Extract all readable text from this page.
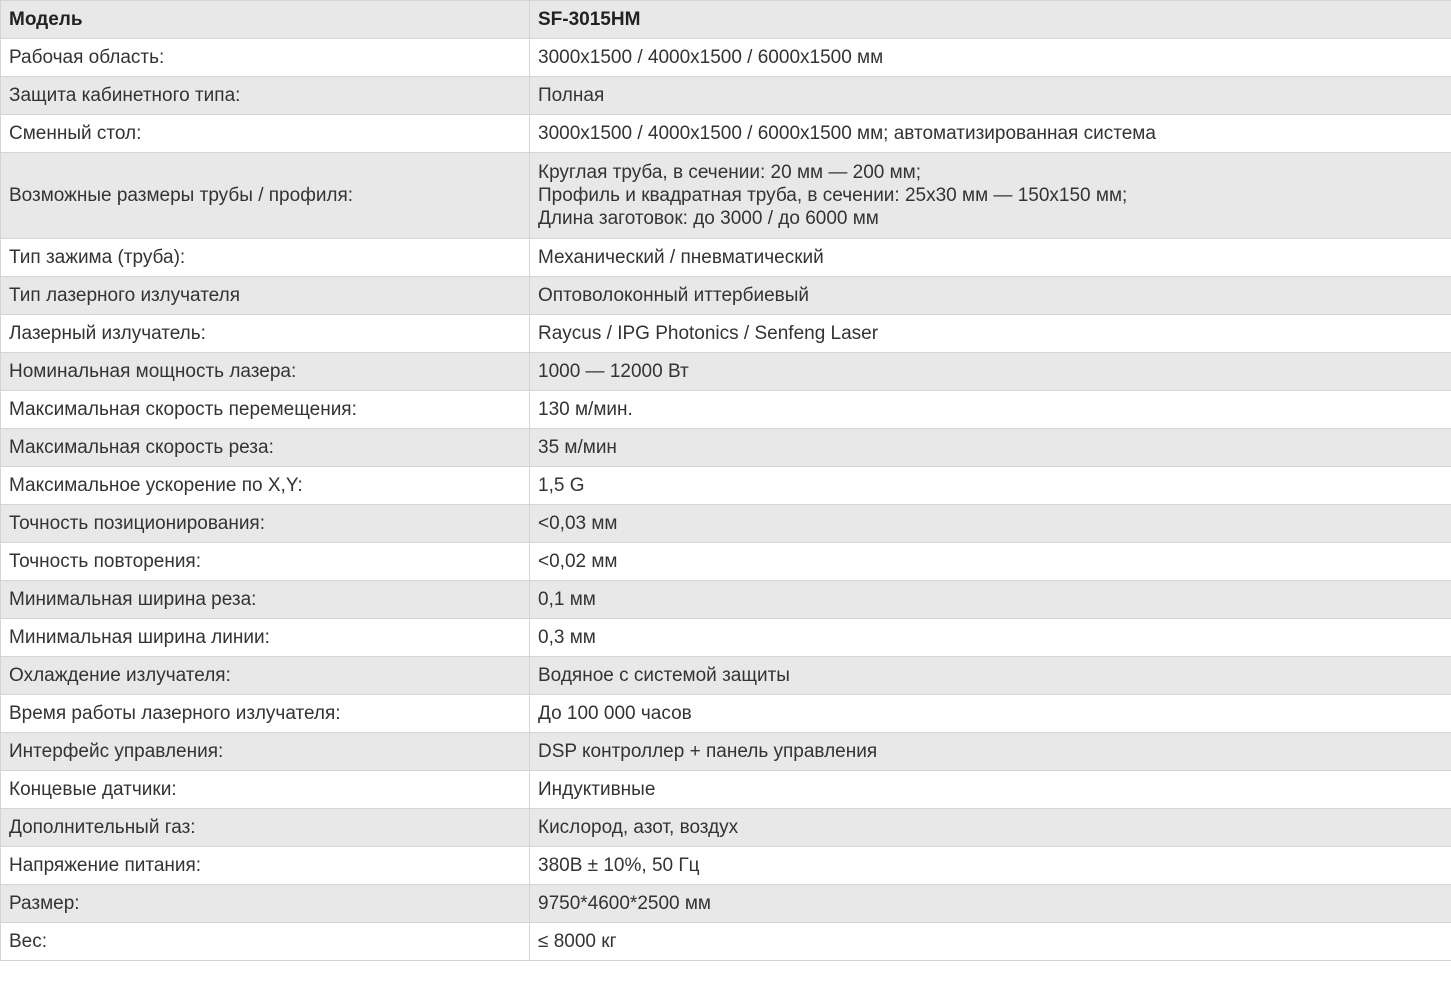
Модель	SF-3015HM
Рабочая область:	3000x1500 / 4000x1500 / 6000x1500 мм
Защита кабинетного типа:	Полная
Сменный стол:	3000x1500 / 4000x1500 / 6000x1500 мм; автоматизированная система
Возможные размеры трубы / профиля:	Круглая труба, в сечении: 20 мм — 200 мм;
Профиль и квадратная труба, в сечении: 25x30 мм — 150x150 мм;
Длина заготовок: до 3000 / до 6000 мм

Тип зажима (труба):	Механический / пневматический
Тип лазерного излучателя	Оптоволоконный иттербиевый
Лазерный излучатель:	Raycus / IPG Photonics / Senfeng Laser
Номинальная мощность лазера:	1000 — 12000 Вт
Максимальная скорость перемещения:	130 м/мин.
Максимальная скорость реза:	35 м/мин
Максимальное ускорение по X,Y:	1,5 G
Точность позиционирования:	<0,03 мм
Точность повторения:	<0,02 мм
Минимальная ширина реза:	0,1 мм
Минимальная ширина линии:	0,3 мм
Охлаждение излучателя:	Водяное с системой защиты
Время работы лазерного излучателя:	До 100 000 часов
Интерфейс управления:	DSP контроллер + панель управления
Концевые датчики:	Индуктивные
Дополнительный газ:	Кислород, азот, воздух
Напряжение питания:	380В ± 10%, 50 Гц
Размер:	9750*4600*2500 мм
Вес:	≤ 8000 кг
